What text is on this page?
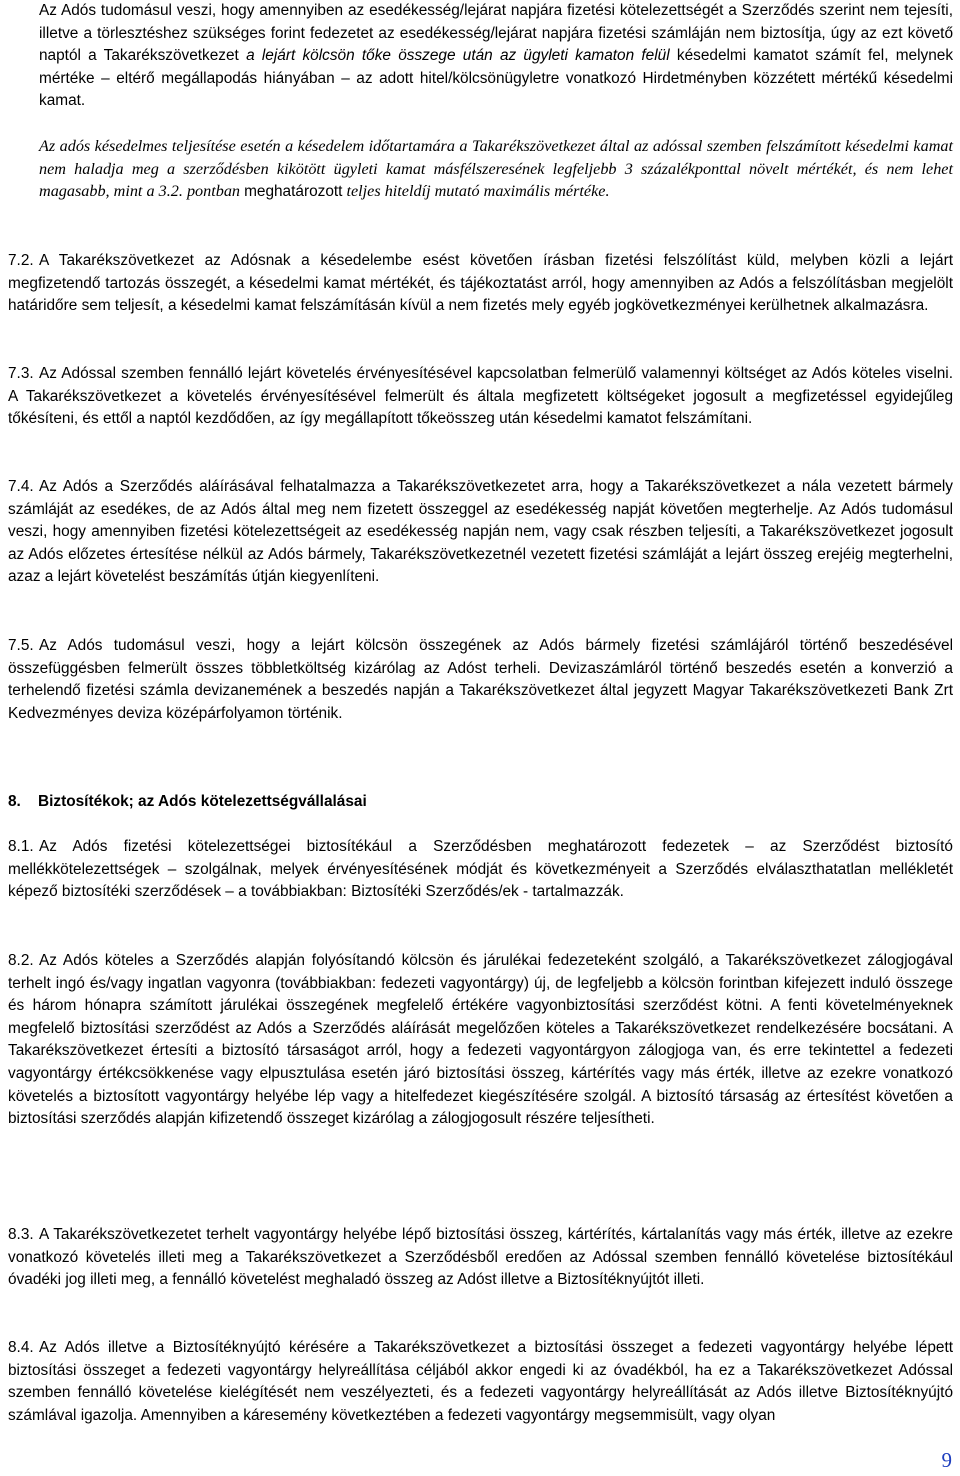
Az Adós tudomásul veszi, hogy amennyiben az esedékesség/lejárat napjára fizetési kötelezettségét a Szerződés szerint nem tejesíti, illetve a törlesztéshez szükséges forint fedezetet az esedékesség/lejárat napjára fizetési számláján nem biztosítja, úgy az ezt követő naptól a Takarékszövetkezet a lejárt kölcsön tőke összege után az ügyleti kamaton felül késedelmi kamatot számít fel, melynek mértéke – eltérő megállapodás hiányában – az adott hitel/kölcsönügyletre vonatkozó Hirdetményben közzétett mértékű késedelmi kamat.
Az adós késedelmes teljesítése esetén a késedelem időtartamára a Takarékszövetkezet által az adóssal szemben felszámított késedelmi kamat nem haladja meg a szerződésben kikötött ügyleti kamat másfélszeresének legfeljebb 3 százalékponttal növelt mértékét, és nem lehet magasabb, mint a 3.2. pontban meghatározott teljes hiteldíj mutató maximális mértéke.

7.2. A Takarékszövetkezet az Adósnak a késedelembe esést követően írásban fizetési felszólítást küld, melyben közli a lejárt megfizetendő tartozás összegét, a késedelmi kamat mértékét, és tájékoztatást arról, hogy amennyiben az Adós a felszólításban megjelölt határidőre sem teljesít, a késedelmi kamat felszámításán kívül a nem fizetés mely egyéb jogkövetkezményei kerülhetnek alkalmazásra.

7.3. Az Adóssal szemben fennálló lejárt követelés érvényesítésével kapcsolatban felmerülő valamennyi költséget az Adós köteles viselni. A Takarékszövetkezet a követelés érvényesítésével felmerült és általa megfizetett költségeket jogosult a megfizetéssel egyidejűleg tőkésíteni, és ettől a naptól kezdődően, az így megállapított tőkeösszeg után késedelmi kamatot felszámítani.

7.4. Az Adós a Szerződés aláírásával felhatalmazza a Takarékszövetkezetet arra, hogy a Takarékszövetkezet a nála vezetett bármely számláját az esedékes, de az Adós által meg nem fizetett összeggel az esedékesség napját követően megterhelje. Az Adós tudomásul veszi, hogy amennyiben fizetési kötelezettségeit az esedékesség napján nem, vagy csak részben teljesíti, a Takarékszövetkezet jogosult az Adós előzetes értesítése nélkül az Adós bármely, Takarékszövetkezetnél vezetett fizetési számláját a lejárt összeg erejéig megterhelni, azaz a lejárt követelést beszámítás útján kiegyenlíteni.

7.5. Az Adós tudomásul veszi, hogy a lejárt kölcsön összegének az Adós bármely fizetési számlájáról történő beszedésével összefüggésben felmerült összes többletköltség kizárólag az Adóst terheli. Devizaszámláról történő beszedés esetén a konverzió a terhelendő fizetési számla devizanemének a beszedés napján a Takarékszövetkezet által jegyzett Magyar Takarékszövetkezeti Bank Zrt Kedvezményes deviza középárfolyamon történik.

8. Biztosítékok; az Adós kötelezettségvállalásai

8.1. Az Adós fizetési kötelezettségei biztosítékául a Szerződésben meghatározott fedezetek – az Szerződést biztosító mellékkötelezettségek – szolgálnak, melyek érvényesítésének módját és következményeit a Szerződés elválaszthatatlan mellékletét képező biztosítéki szerződések – a továbbiakban: Biztosítéki Szerződés/ek - tartalmazzák.

8.2. Az Adós köteles a Szerződés alapján folyósítandó kölcsön és járulékai fedezeteként szolgáló, a Takarékszövetkezet zálogjogával terhelt ingó és/vagy ingatlan vagyonra (továbbiakban: fedezeti vagyontárgy) új, de legfeljebb a kölcsön forintban kifejezett induló összege és három hónapra számított járulékai összegének megfelelő értékére vagyonbiztosítási szerződést kötni. A fenti követelményeknek megfelelő biztosítási szerződést az Adós a Szerződés aláírását megelőzően köteles a Takarékszövetkezet rendelkezésére bocsátani. A Takarékszövetkezet értesíti a biztosító társaságot arról, hogy a fedezeti vagyontárgyon zálogjoga van, és erre tekintettel a fedezeti vagyontárgy értékcsökkenése vagy elpusztulása esetén járó biztosítási összeg, kártérítés vagy más érték, illetve az ezekre vonatkozó követelés a biztosított vagyontárgy helyébe lép vagy a hitelfedezet kiegészítésére szolgál. A biztosító társaság az értesítést követően a biztosítási szerződés alapján kifizetendő összeget kizárólag a zálogjogosult részére teljesítheti.

8.3. A Takarékszövetkezetet terhelt vagyontárgy helyébe lépő biztosítási összeg, kártérítés, kártalanítás vagy más érték, illetve az ezekre vonatkozó követelés illeti meg a Takarékszövetkezet a Szerződésből eredően az Adóssal szemben fennálló követelése biztosítékául óvadéki jog illeti meg, a fennálló követelést meghaladó összeg az Adóst illetve a Biztosítéknyújtót illeti.

8.4. Az Adós illetve a Biztosítéknyújtó kérésére a Takarékszövetkezet a biztosítási összeget a fedezeti vagyontárgy helyébe lépett biztosítási összeget a fedezeti vagyontárgy helyreállítása céljából akkor engedi ki az óvadékból, ha ez a Takarékszövetkezet Adóssal szemben fennálló követelése kielégítését nem veszélyezteti, és a fedezeti vagyontárgy helyreállítását az Adós illetve Biztosítéknyújtó számlával igazolja. Amennyiben a káresemény következtében a fedezeti vagyontárgy megsemmisült, vagy olyan

9
